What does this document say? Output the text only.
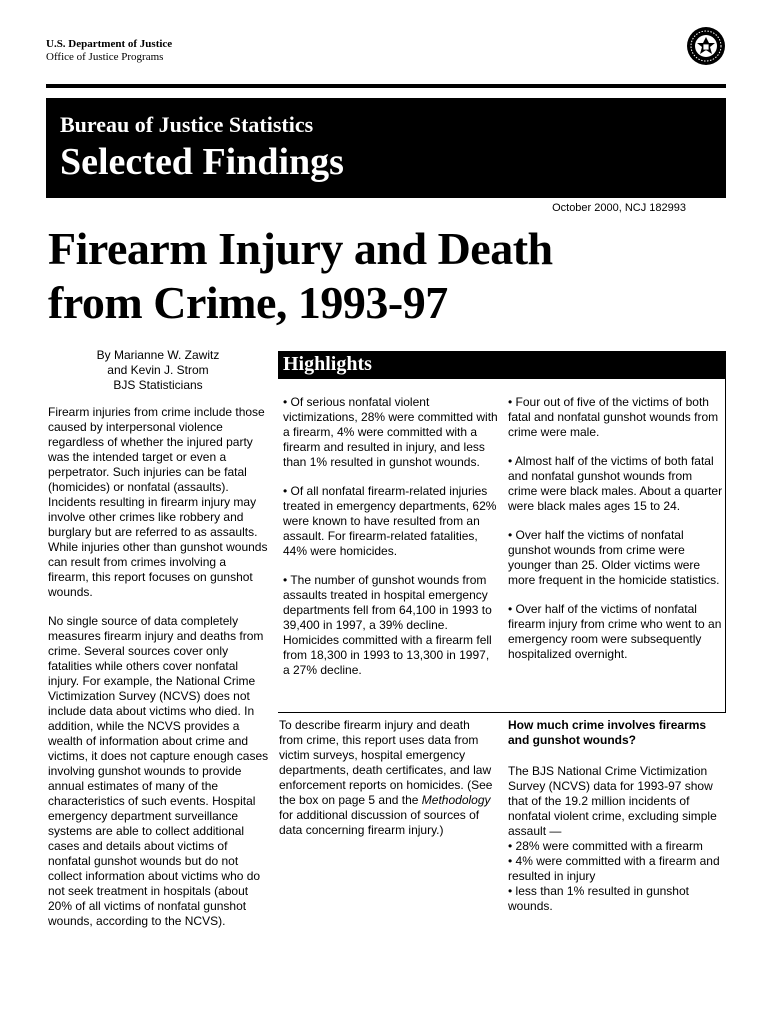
U.S. Department of Justice
Office of Justice Programs
Bureau of Justice Statistics
Selected Findings
October 2000, NCJ 182993
Firearm Injury and Death
from Crime, 1993-97
By Marianne W. Zawitz
and Kevin J. Strom
BJS Statisticians

Firearm injuries from crime include those caused by interpersonal violence regardless of whether the injured party was the intended target or even a perpetrator. Such injuries can be fatal (homicides) or nonfatal (assaults). Incidents resulting in firearm injury may involve other crimes like robbery and burglary but are referred to as assaults. While injuries other than gunshot wounds can result from crimes involving a firearm, this report focuses on gunshot wounds.

No single source of data completely measures firearm injury and deaths from crime. Several sources cover only fatalities while others cover nonfatal injury. For example, the National Crime Victimization Survey (NCVS) does not include data about victims who died. In addition, while the NCVS provides a wealth of information about crime and victims, it does not capture enough cases involving gunshot wounds to provide annual estimates of many of the characteristics of such events. Hospital emergency department surveillance systems are able to collect additional cases and details about victims of nonfatal gunshot wounds but do not collect information about victims who do not seek treatment in hospitals (about 20% of all victims of nonfatal gunshot wounds, according to the NCVS).

Highlights

• Of serious nonfatal violent victimizations, 28% were committed with a firearm, 4% were committed with a firearm and resulted in injury, and less than 1% resulted in gunshot wounds.

• Of all nonfatal firearm-related injuries treated in emergency departments, 62% were known to have resulted from an assault. For firearm-related fatalities, 44% were homicides.

• The number of gunshot wounds from assaults treated in hospital emergency departments fell from 64,100 in 1993 to 39,400 in 1997, a 39% decline. Homicides committed with a firearm fell from 18,300 in 1993 to 13,300 in 1997, a 27% decline.

• Four out of five of the victims of both fatal and nonfatal gunshot wounds from crime were male.

• Almost half of the victims of both fatal and nonfatal gunshot wounds from crime were black males. About a quarter were black males ages 15 to 24.

• Over half the victims of nonfatal gunshot wounds from crime were younger than 25. Older victims were more frequent in the homicide statistics.

• Over half of the victims of nonfatal firearm injury from crime who went to an emergency room were subsequently hospitalized overnight.

To describe firearm injury and death from crime, this report uses data from victim surveys, hospital emergency departments, death certificates, and law enforcement reports on homicides. (See the box on page 5 and the Methodology for additional discussion of sources of data concerning firearm injury.)

How much crime involves firearms and gunshot wounds?
The BJS National Crime Victimization Survey (NCVS) data for 1993-97 show that of the 19.2 million incidents of nonfatal violent crime, excluding simple assault —
• 28% were committed with a firearm
• 4% were committed with a firearm and resulted in injury
• less than 1% resulted in gunshot wounds.
